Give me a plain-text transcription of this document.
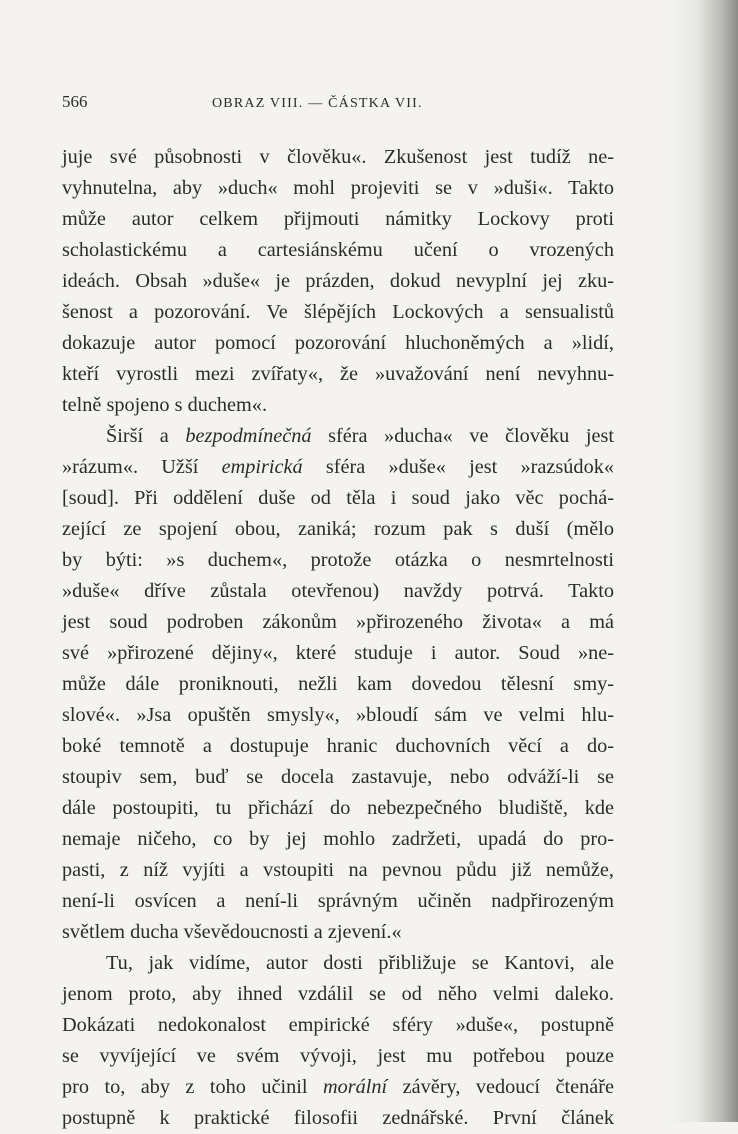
566	OBRAZ VIII. — ČÁSTKA VII.
juje své působnosti v člověku«. Zkušenost jest tudíž ne-
vyhnutelna, aby »duch« mohl projeviti se v »duši«. Takto
může autor celkem přijmouti námitky Lockovy proti
scholastickému a cartesiánskému učení o vrozených
ideách. Obsah »duše« je prázden, dokud nevyplní jej zku-
šenost a pozorování. Ve šlépějích Lockových a sensualistů
dokazuje autor pomocí pozorování hluchoněmých a »lidí,
kteří vyrostli mezi zvířaty«, že »uvažování není nevyhnu-
telně spojeno s duchem«.
Širší a bezpodmínečná sféra »ducha« ve člověku jest
»rázum«. Užší empirická sféra »duše« jest »razsúdok«
[soud]. Při oddělení duše od těla i soud jako věc pochá-
zející ze spojení obou, zaniká; rozum pak s duší (mělo
by býti: »s duchem«, protože otázka o nesmrtelnosti
»duše« dříve zůstala otevřenou) navždy potrvá. Takto
jest soud podroben zákonům »přirozeného života« a má
své »přirozené dějiny«, které studuje i autor. Soud »ne-
může dále proniknouti, nežli kam dovedou tělesní smy-
slové«. »Jsa opuštěn smysly«, »bloudí sám ve velmi hlu-
boké temnotě a dostupuje hranic duchovních věcí a do-
stoupiv sem, buď se docela zastavuje, nebo odváží-li se
dále postoupiti, tu přichází do nebezpečného bludiště, kde
nemaje ničeho, co by jej mohlo zadržeti, upadá do pro-
pasti, z níž vyjíti a vstoupiti na pevnou půdu již nemůže,
není-li osvícen a není-li správným učiněn nadpřirozeným
světlem ducha vševědoucnosti a zjevení.«
Tu, jak vidíme, autor dosti přibližuje se Kantovi, ale
jenom proto, aby ihned vzdálil se od něho velmi daleko.
Dokázati nedokonalost empirické sféry »duše«, postupně
se vyvíjející ve svém vývoji, jest mu potřebou pouze
pro to, aby z toho učinil morální závěry, vedoucí čtenáře
postupně k praktické filosofii zednářské. První článek
